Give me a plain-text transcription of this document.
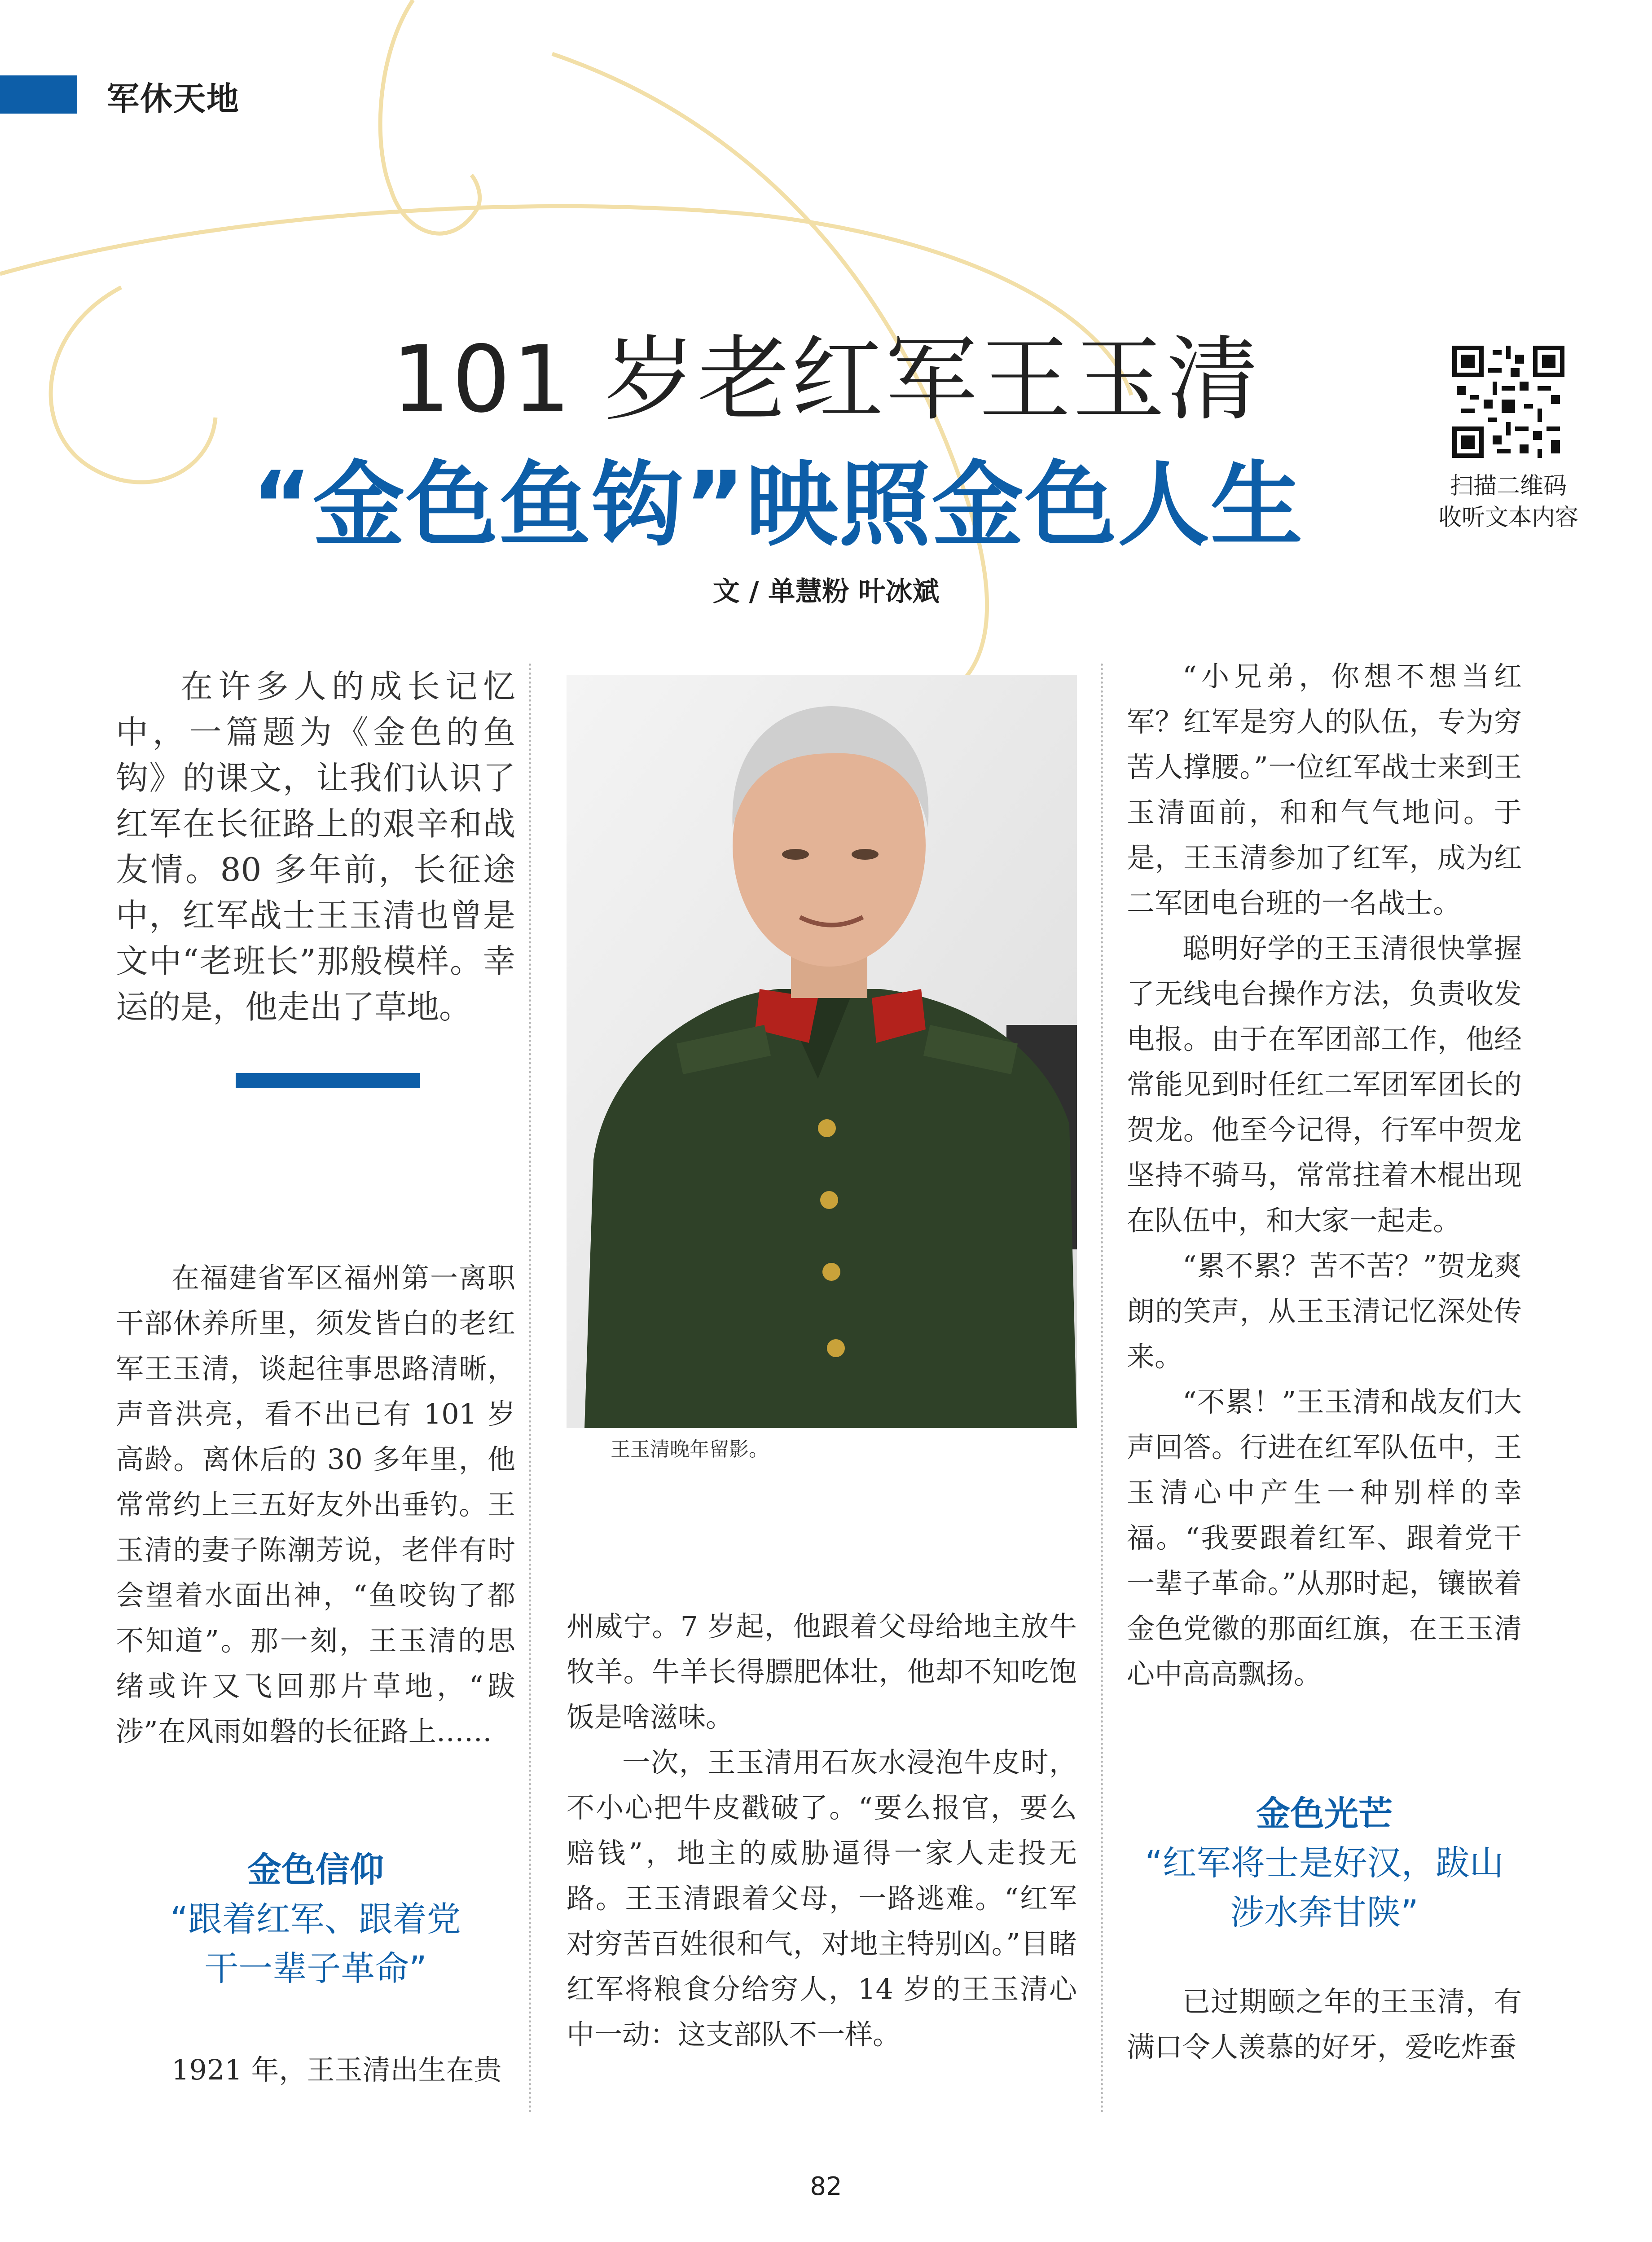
军休天地
101 岁老红军王玉清
“金色鱼钩”映照金色人生
文 / 单慧粉 叶冰斌
扫描二维码
收听文本内容

在许多人的成长记忆中，一篇题为《金色的鱼钩》的课文，让我们认识了红军在长征路上的艰辛和战友情。80 多年前，长征途中，红军战士王玉清也曾是文中“老班长”那般模样。幸运的是，他走出了草地。

在福建省军区福州第一离职干部休养所里，须发皆白的老红军王玉清，谈起往事思路清晰，声音洪亮，看不出已有 101 岁高龄。离休后的 30 多年里，他常常约上三五好友外出垂钓。王玉清的妻子陈潮芳说，老伴有时会望着水面出神，“鱼咬钩了都不知道”。那一刻，王玉清的思绪或许又飞回那片草地，“跋涉”在风雨如磐的长征路上……

金色信仰
“跟着红军、跟着党
干一辈子革命”

1921 年，王玉清出生在贵

王玉清晚年留影。

州威宁。7 岁起，他跟着父母给地主放牛牧羊。牛羊长得膘肥体壮，他却不知吃饱饭是啥滋味。

一次，王玉清用石灰水浸泡牛皮时，不小心把牛皮戳破了。“要么报官，要么赔钱”，地主的威胁逼得一家人走投无路。王玉清跟着父母，一路逃难。“红军对穷苦百姓很和气，对地主特别凶。”目睹红军将粮食分给穷人，14 岁的王玉清心中一动：这支部队不一样。

“小兄弟，你想不想当红军？红军是穷人的队伍，专为穷苦人撑腰。”一位红军战士来到王玉清面前，和和气气地问。于是，王玉清参加了红军，成为红二军团电台班的一名战士。

聪明好学的王玉清很快掌握了无线电台操作方法，负责收发电报。由于在军团部工作，他经常能见到时任红二军团军团长的贺龙。他至今记得，行军中贺龙坚持不骑马，常常拄着木棍出现在队伍中，和大家一起走。

“累不累？苦不苦？”贺龙爽朗的笑声，从王玉清记忆深处传来。

“不累！”王玉清和战友们大声回答。行进在红军队伍中，王玉清心中产生一种别样的幸福。“我要跟着红军、跟着党干一辈子革命。”从那时起，镶嵌着金色党徽的那面红旗，在王玉清心中高高飘扬。

金色光芒
“红军将士是好汉，跋山
涉水奔甘陕”

已过期颐之年的王玉清，有满口令人羡慕的好牙，爱吃炸蚕

82
